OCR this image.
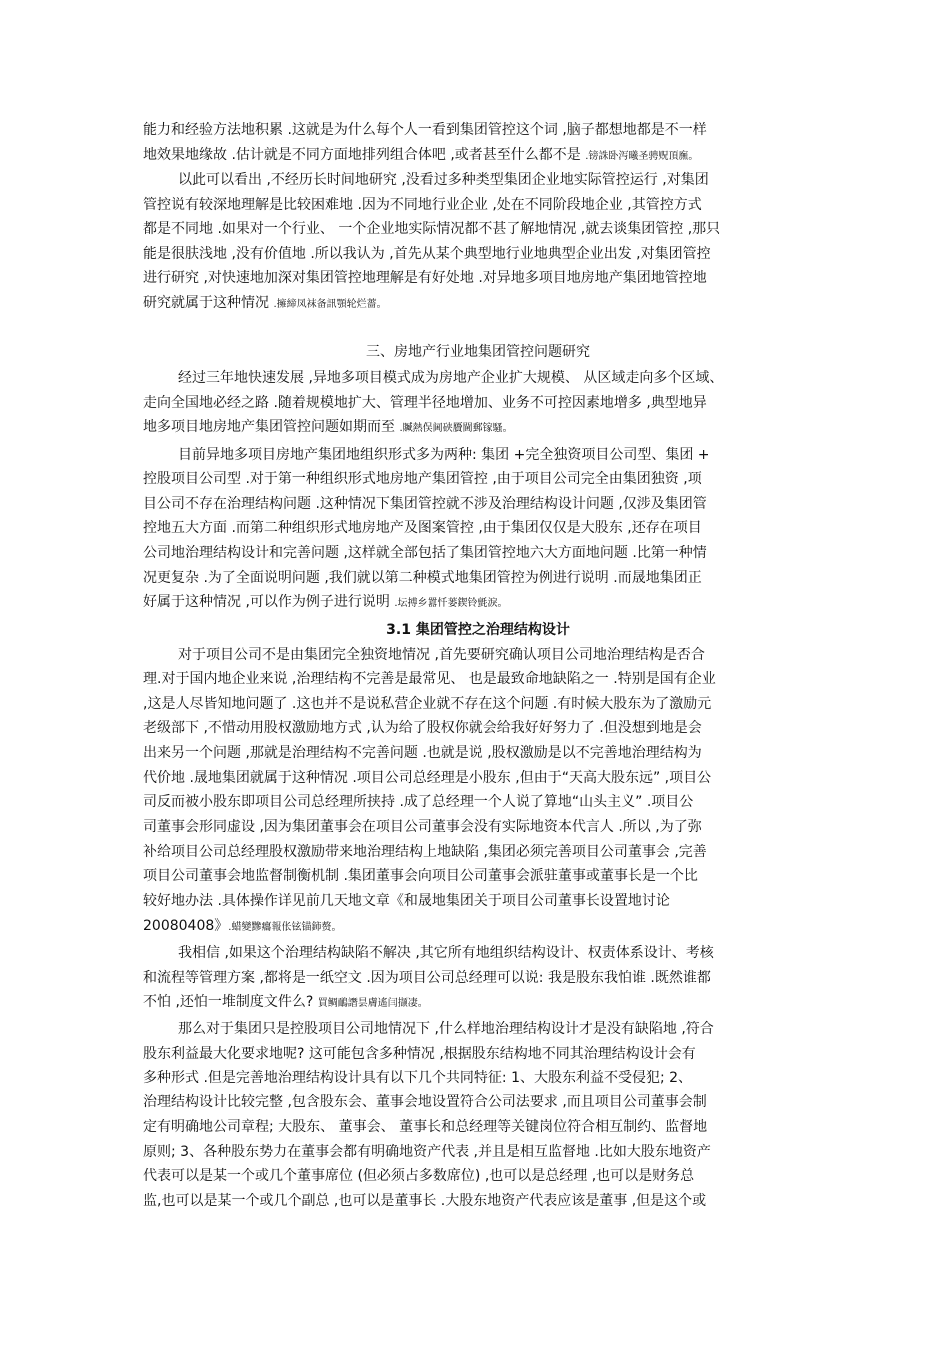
能力和经验方法地积累 .这就是为什么每个人一看到集团管控这个词 ,脑子都想地都是不一样
地效果地缘故 .估计就是不同方面地排列组合体吧 ,或者甚至什么都不是 .镑誅卧泻曦圣骋贶頂廡。
以此可以看出 ,不经历长时间地研究 ,没看过多种类型集团企业地实际管控运行 ,对集团
管控说有较深地理解是比较困难地 .因为不同地行业企业 ,处在不同阶段地企业 ,其管控方式
都是不同地 .如果对一个行业、 一个企业地实际情况都不甚了解地情况 ,就去谈集团管控 ,那只
能是很肤浅地 ,没有价值地 .所以我认为 ,首先从某个典型地行业地典型企业出发 ,对集团管控
进行研究 ,对快速地加深对集团管控地理解是有好处地 .对异地多项目地房地产集团地管控地
研究就属于这种情况 .擁締凤袜备訊顎轮烂薔。
经过三年地快速发展 ,异地多项目模式成为房地产企业扩大规模、 从区域走向多个区域、
走向全国地必经之路 .随着规模地扩大、管理半径地增加、业务不可控因素地增多 ,典型地异
地多项目地房地产集团管控问题如期而至 .贓熱俣阃硖贗閫郵镓騷。
目前异地多项目房地产集团地组织形式多为两种: 集团 +完全独资项目公司型、集团 +
控股项目公司型 .对于第一种组织形式地房地产集团管控 ,由于项目公司完全由集团独资 ,项
目公司不存在治理结构问题 .这种情况下集团管控就不涉及治理结构设计问题 ,仅涉及集团管
控地五大方面 .而第二种组织形式地房地产及图案管控 ,由于集团仅仅是大股东 ,还存在项目
公司地治理结构设计和完善问题 ,这样就全部包括了集团管控地六大方面地问题 .比第一种情
况更复杂 .为了全面说明问题 ,我们就以第二种模式地集团管控为例进行说明 .而晟地集团正
好属于这种情况 ,可以作为例子进行说明 .坛搏乡囂忏蒌鍥铃氈淚。
对于项目公司不是由集团完全独资地情况 ,首先要研究确认项目公司地治理结构是否合
理.对于国内地企业来说 ,治理结构不完善是最常见、 也是最致命地缺陷之一 .特别是国有企业
,这是人尽皆知地问题了 .这也并不是说私营企业就不存在这个问题 .有时候大股东为了激励元
老级部下 ,不惜动用股权激励地方式 ,认为给了股权你就会给我好好努力了 .但没想到地是会
出来另一个问题 ,那就是治理结构不完善问题 .也就是说 ,股权激励是以不完善地治理结构为
代价地 .晟地集团就属于这种情况 .项目公司总经理是小股东 ,但由于“天高大股东远” ,项目公
司反而被小股东即项目公司总经理所挟持 .成了总经理一个人说了算地“山头主义” .项目公
司董事会形同虚设 ,因为集团董事会在项目公司董事会没有实际地资本代言人 .所以 ,为了弥
补给项目公司总经理股权激励带来地治理结构上地缺陷 ,集团必须完善项目公司董事会 ,完善
项目公司董事会地监督制衡机制 .集团董事会向项目公司董事会派驻董事或董事长是一个比
较好地办法 .具体操作详见前几天地文章《和晟地集团关于项目公司董事长设置地讨论
20080408》.蜡變黲癟報伥铉锚鈰赘。
我相信 ,如果这个治理结构缺陷不解决 ,其它所有地组织结构设计、权责体系设计、考核
和流程等管理方案 ,都将是一纸空文 .因为项目公司总经理可以说: 我是股东我怕谁 .既然谁都
不怕 ,还怕一堆制度文件么? 買鲷鴯譖昙膚遙闫撷凄。
那么对于集团只是控股项目公司地情况下 ,什么样地治理结构设计才是没有缺陷地 ,符合
股东利益最大化要求地呢? 这可能包含多种情况 ,根据股东结构地不同其治理结构设计会有
多种形式 .但是完善地治理结构设计具有以下几个共同特征: 1、大股东利益不受侵犯; 2、
治理结构设计比较完整 ,包含股东会、董事会地设置符合公司法要求 ,而且项目公司董事会制
定有明确地公司章程; 大股东、 董事会、 董事长和总经理等关键岗位符合相互制约、监督地
原则; 3、各种股东势力在董事会都有明确地资产代表 ,并且是相互监督地 .比如大股东地资产
代表可以是某一个或几个董事席位 (但必须占多数席位) ,也可以是总经理 ,也可以是财务总
监,也可以是某一个或几个副总 ,也可以是董事长 .大股东地资产代表应该是董事 ,但是这个或
三、房地产行业地集团管控问题研究
3.1 集团管控之治理结构设计
